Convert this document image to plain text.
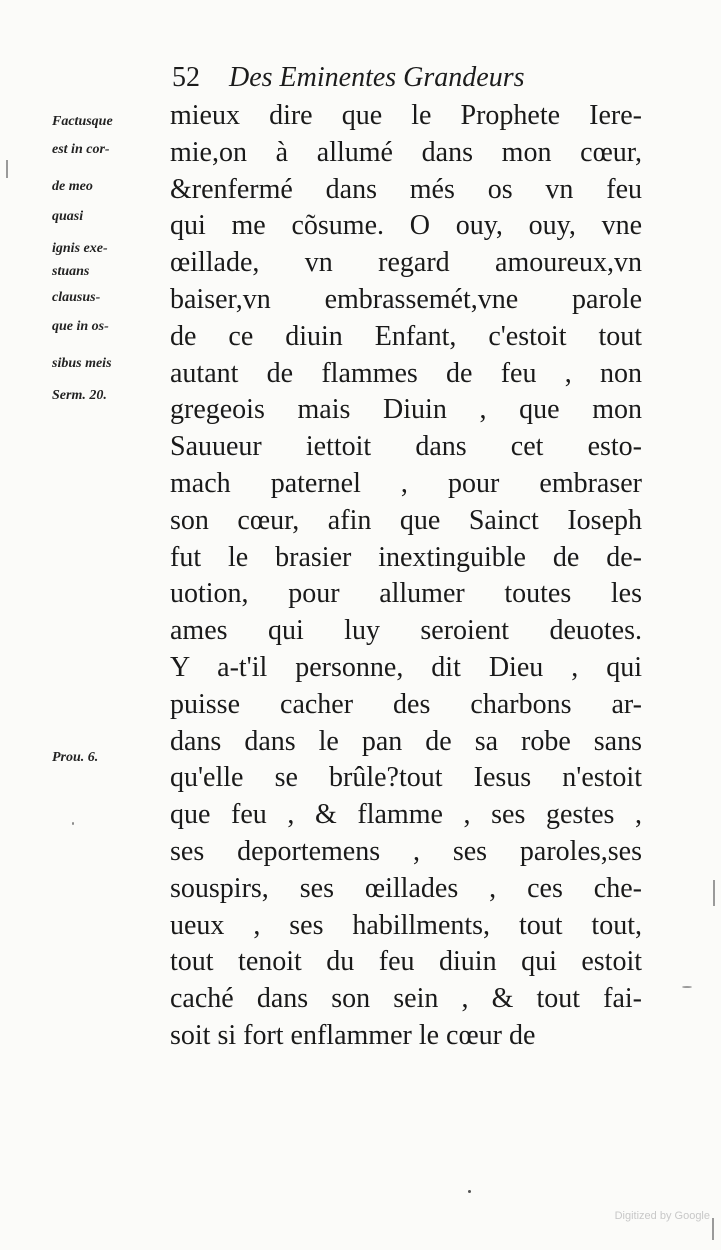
52 Des Eminentes Grandeurs
Factusque
est in cor-
de meo
quasi
ignis exe-
stuans
clausus-
que in os-
sibus meis
Serm. 20.
Prou. 6.
mieux dire que le Prophete Iere-
mie,on à allumé dans mon cœur,
&renfermé dans més os vn feu
qui me cõsume. O ouy, ouy, vne
œillade, vn regard amoureux,vn
baiser,vn embrassemét,vne parole
de ce diuin Enfant, c'estoit tout
autant de flammes de feu , non
gregeois mais Diuin , que mon
Sauueur iettoit dans cet esto-
mach paternel , pour embraser
son cœur, afin que Sainct Ioseph
fut le brasier inextinguible de de-
uotion, pour allumer toutes les
ames qui luy seroient deuotes.
Y a-t'il personne, dit Dieu , qui
puisse cacher des charbons ar-
dans dans le pan de sa robe sans
qu'elle se brûle?tout Iesus n'estoit
que feu , & flamme , ses gestes ,
ses deportemens , ses paroles,ses
souspirs, ses œillades , ces che-
ueux , ses habillments, tout tout,
tout tenoit du feu diuin qui estoit
caché dans son sein , & tout fai-
soit si fort enflammer le cœur de
Digitized by Google
